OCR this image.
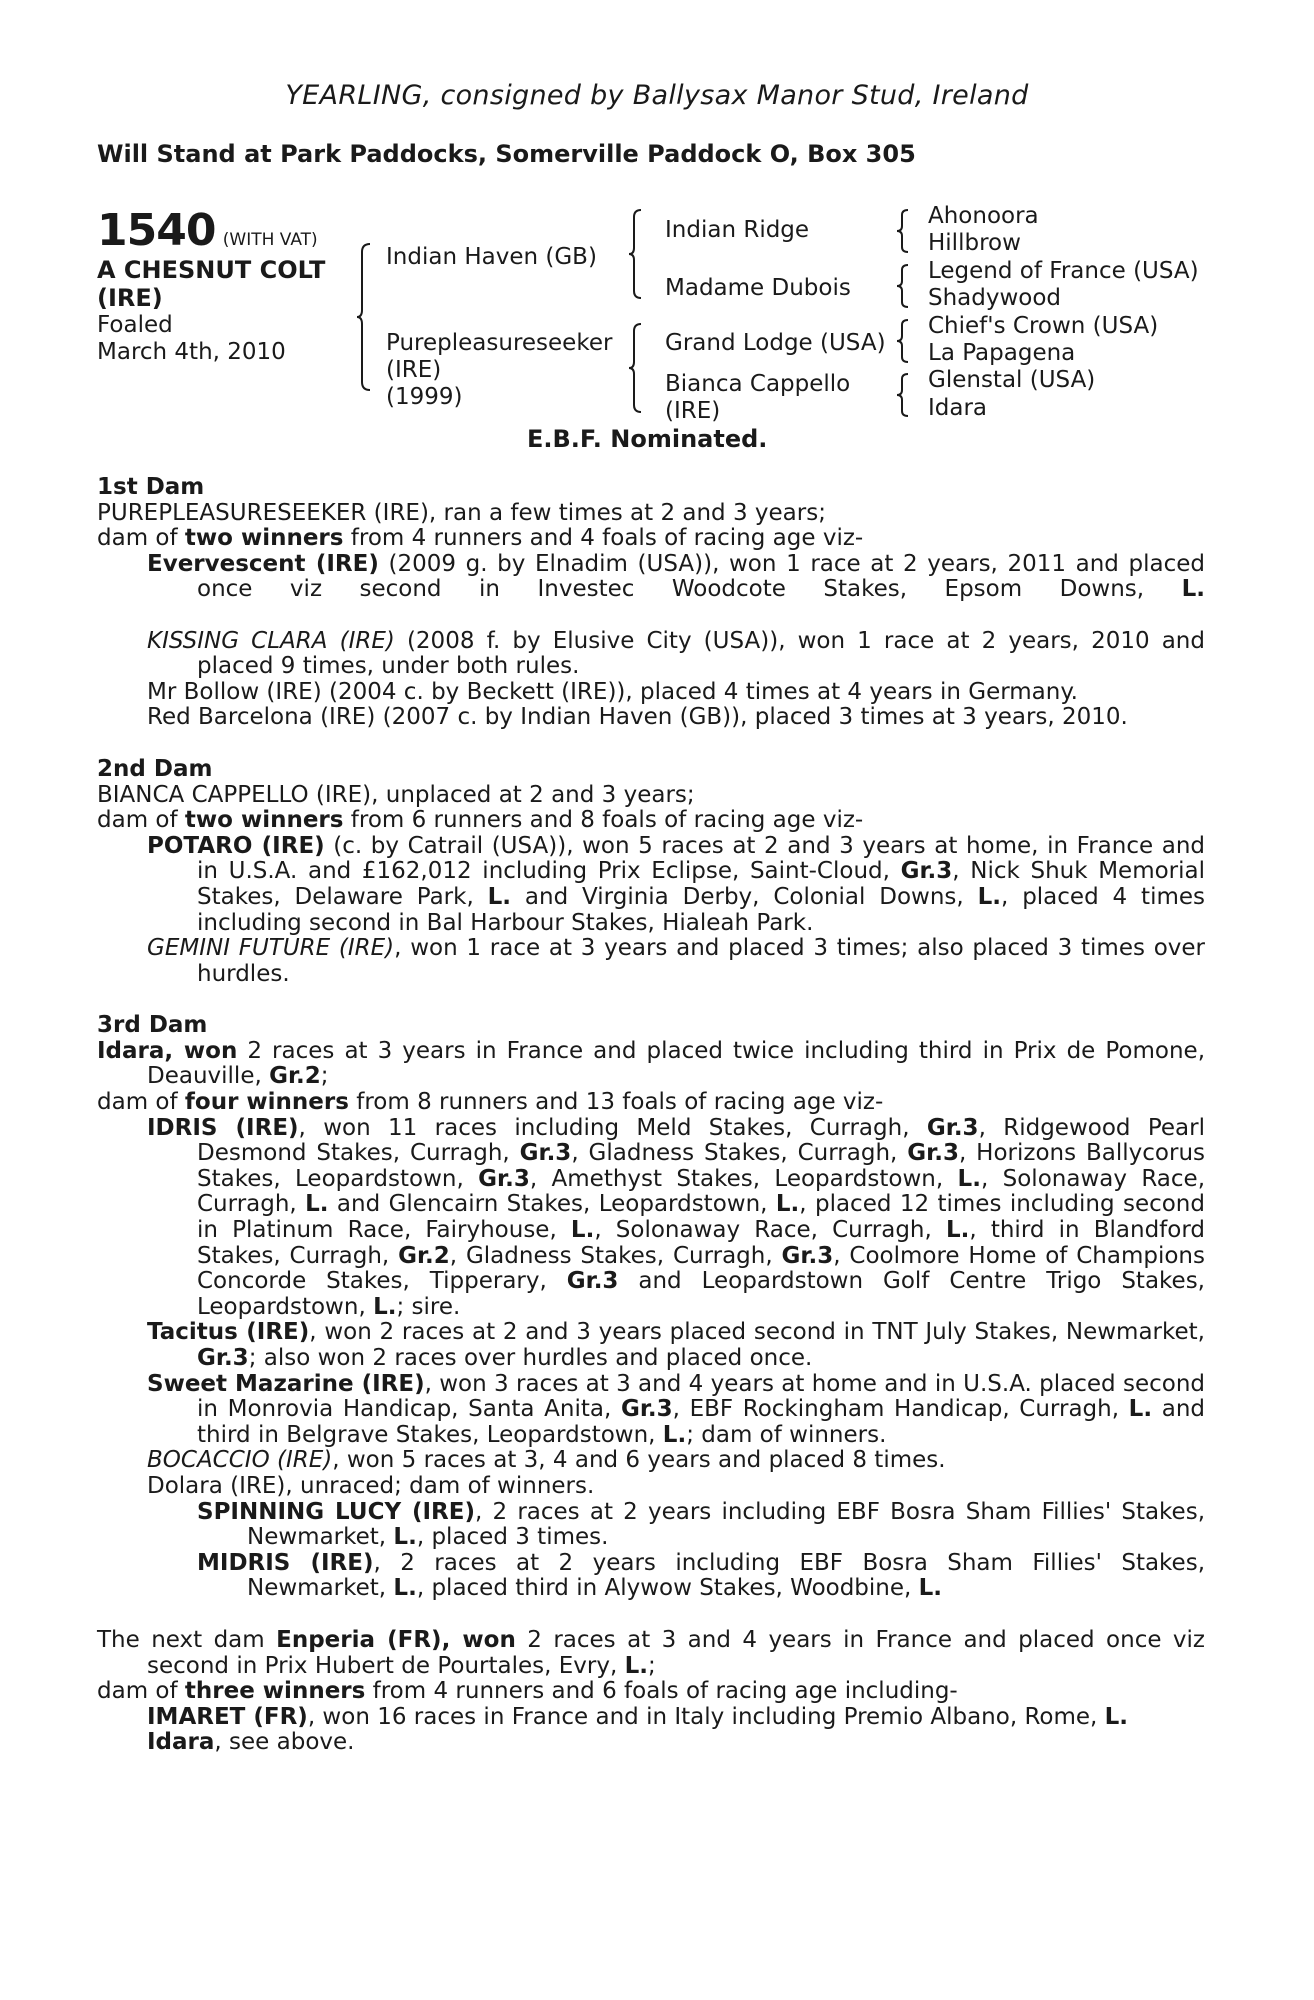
YEARLING, consigned by Ballysax Manor Stud, Ireland
Will Stand at Park Paddocks, Somerville Paddock O, Box 305
1540 (WITH VAT)
A CHESNUT COLT
(IRE)
Foaled
March 4th, 2010
Indian Haven (GB)
Purepleasureseeker
(IRE)
(1999)
Indian Ridge
Madame Dubois
Grand Lodge (USA)
Bianca Cappello
(IRE)
Ahonoora
Hillbrow
Legend of France (USA)
Shadywood
Chief's Crown (USA)
La Papagena
Glenstal (USA)
Idara
E.B.F. Nominated.
1st Dam
PUREPLEASURESEEKER (IRE), ran a few times at 2 and 3 years;
dam of two winners from 4 runners and 4 foals of racing age viz-
Evervescent (IRE) (2009 g. by Elnadim (USA)), won 1 race at 2 years, 2011 and placed once viz second in Investec Woodcote Stakes, Epsom Downs, L.
KISSING CLARA (IRE) (2008 f. by Elusive City (USA)), won 1 race at 2 years, 2010 and placed 9 times, under both rules.
Mr Bollow (IRE) (2004 c. by Beckett (IRE)), placed 4 times at 4 years in Germany.
Red Barcelona (IRE) (2007 c. by Indian Haven (GB)), placed 3 times at 3 years, 2010.
2nd Dam
BIANCA CAPPELLO (IRE), unplaced at 2 and 3 years;
dam of two winners from 6 runners and 8 foals of racing age viz-
POTARO (IRE) (c. by Catrail (USA)), won 5 races at 2 and 3 years at home, in France and in U.S.A. and £162,012 including Prix Eclipse, Saint-Cloud, Gr.3, Nick Shuk Memorial Stakes, Delaware Park, L. and Virginia Derby, Colonial Downs, L., placed 4 times including second in Bal Harbour Stakes, Hialeah Park.
GEMINI FUTURE (IRE), won 1 race at 3 years and placed 3 times; also placed 3 times over hurdles.
3rd Dam
Idara, won 2 races at 3 years in France and placed twice including third in Prix de Pomone, Deauville, Gr.2;
dam of four winners from 8 runners and 13 foals of racing age viz-
IDRIS (IRE), won 11 races including Meld Stakes, Curragh, Gr.3, Ridgewood Pearl Desmond Stakes, Curragh, Gr.3, Gladness Stakes, Curragh, Gr.3, Horizons Ballycorus Stakes, Leopardstown, Gr.3, Amethyst Stakes, Leopardstown, L., Solonaway Race, Curragh, L. and Glencairn Stakes, Leopardstown, L., placed 12 times including second in Platinum Race, Fairyhouse, L., Solonaway Race, Curragh, L., third in Blandford Stakes, Curragh, Gr.2, Gladness Stakes, Curragh, Gr.3, Coolmore Home of Champions Concorde Stakes, Tipperary, Gr.3 and Leopardstown Golf Centre Trigo Stakes, Leopardstown, L.; sire.
Tacitus (IRE), won 2 races at 2 and 3 years placed second in TNT July Stakes, Newmarket, Gr.3; also won 2 races over hurdles and placed once.
Sweet Mazarine (IRE), won 3 races at 3 and 4 years at home and in U.S.A. placed second in Monrovia Handicap, Santa Anita, Gr.3, EBF Rockingham Handicap, Curragh, L. and third in Belgrave Stakes, Leopardstown, L.; dam of winners.
BOCACCIO (IRE), won 5 races at 3, 4 and 6 years and placed 8 times.
Dolara (IRE), unraced; dam of winners.
SPINNING LUCY (IRE), 2 races at 2 years including EBF Bosra Sham Fillies' Stakes, Newmarket, L., placed 3 times.
MIDRIS (IRE), 2 races at 2 years including EBF Bosra Sham Fillies' Stakes, Newmarket, L., placed third in Alywow Stakes, Woodbine, L.
The next dam Enperia (FR), won 2 races at 3 and 4 years in France and placed once viz second in Prix Hubert de Pourtales, Evry, L.;
dam of three winners from 4 runners and 6 foals of racing age including-
IMARET (FR), won 16 races in France and in Italy including Premio Albano, Rome, L.
Idara, see above.
